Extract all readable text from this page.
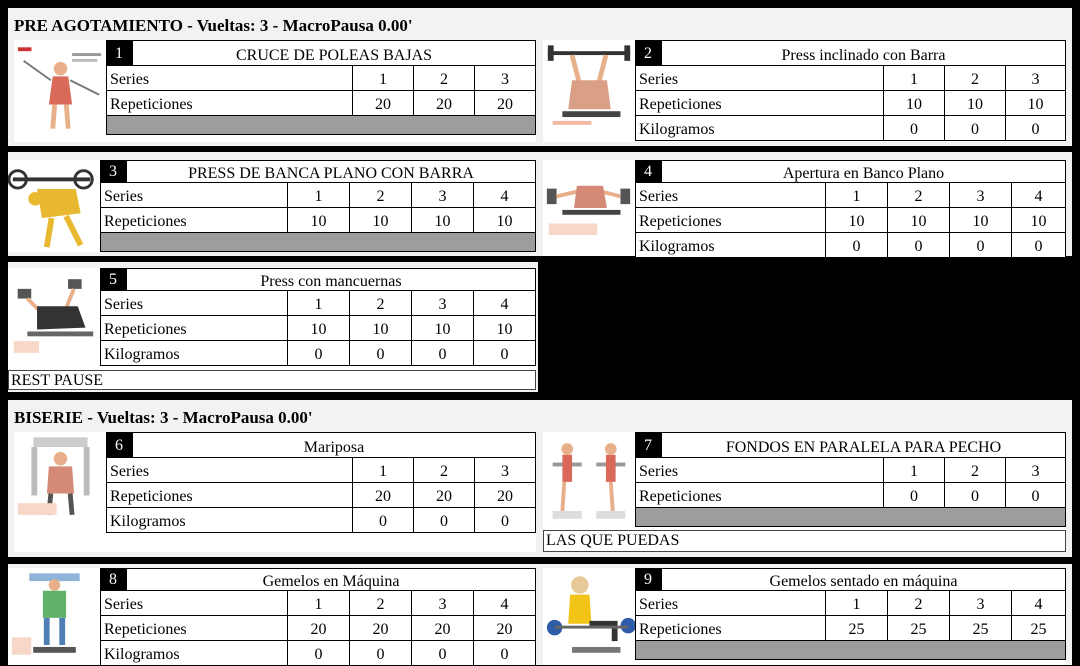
PRE AGOTAMIENTO - Vueltas: 3 - MacroPausa 0.00'
BISERIE - Vueltas: 3 - MacroPausa 0.00'
1	CRUCE DE POLEAS BAJAS
Series	1	2	3
Repeticiones	20	20	20
2	Press inclinado con Barra
Series	1	2	3
Repeticiones	10	10	10
Kilogramos	0	0	0
3	PRESS DE BANCA PLANO CON BARRA
Series	1	2	3	4
Repeticiones	10	10	10	10
4	Apertura en Banco Plano
Series	1	2	3	4
Repeticiones	10	10	10	10
Kilogramos	0	0	0	0
5	Press con mancuernas
Series	1	2	3	4
Repeticiones	10	10	10	10
Kilogramos	0	0	0	0
REST PAUSE
6	Mariposa
Series	1	2	3
Repeticiones	20	20	20
Kilogramos	0	0	0
7	FONDOS EN PARALELA PARA PECHO
Series	1	2	3
Repeticiones	0	0	0
LAS QUE PUEDAS
8	Gemelos en Máquina
Series	1	2	3	4
Repeticiones	20	20	20	20
Kilogramos	0	0	0	0
9	Gemelos sentado en máquina
Series	1	2	3	4
Repeticiones	25	25	25	25
